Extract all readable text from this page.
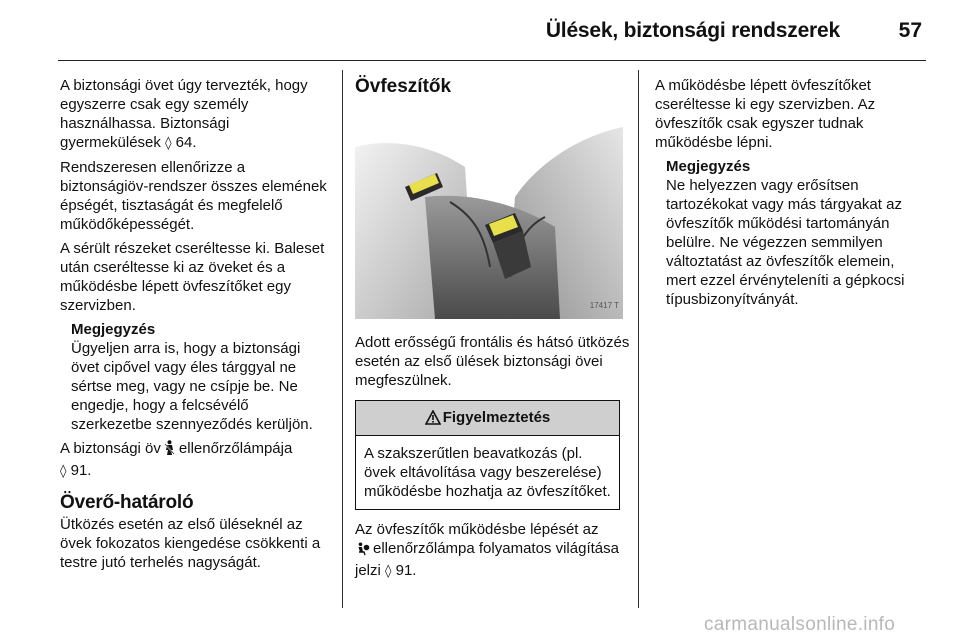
Ülések, biztonsági rendszerek	57

A biztonsági övet úgy tervezték, hogy egyszerre csak egy személy használhassa. Biztonsági gyermekülések ◊ 64.

Rendszeresen ellenőrizze a biztonságiöv-rendszer összes elemének épségét, tisztaságát és megfelelő működőképességét.

A sérült részeket cseréltesse ki. Baleset után cseréltesse ki az öveket és a működésbe lépett övfeszítőket egy szervizben.

Megjegyzés
Ügyeljen arra is, hogy a biztonsági övet cipővel vagy éles tárggyal ne sértse meg, vagy ne csípje be. Ne engedje, hogy a felcsévélő szerkezetbe szennyeződés kerüljön.

A biztonsági öv ellenőrzőlámpája
◊ 91.

Överő-határoló

Ütközés esetén az első üléseknél az övek fokozatos kiengedése csökkenti a testre jutó terhelés nagyságát.

Övfeszítők
17417 T

Adott erősségű frontális és hátsó ütközés esetén az első ülések biztonsági övei megfeszülnek.

Figyelmeztetés
A szakszerűtlen beavatkozás (pl. övek eltávolítása vagy beszerelése) működésbe hozhatja az övfeszítőket.

Az övfeszítők működésbe lépését az
ellenőrzőlámpa folyamatos világítása jelzi ◊ 91.

A működésbe lépett övfeszítőket cseréltesse ki egy szervizben. Az övfeszítők csak egyszer tudnak működésbe lépni.

Megjegyzés
Ne helyezzen vagy erősítsen tartozékokat vagy más tárgyakat az övfeszítők működési tartományán belülre. Ne végezzen semmilyen változtatást az övfeszítők elemein, mert ezzel érvényteleníti a gépkocsi típusbizonyítványát.
carmanualsonline.info
